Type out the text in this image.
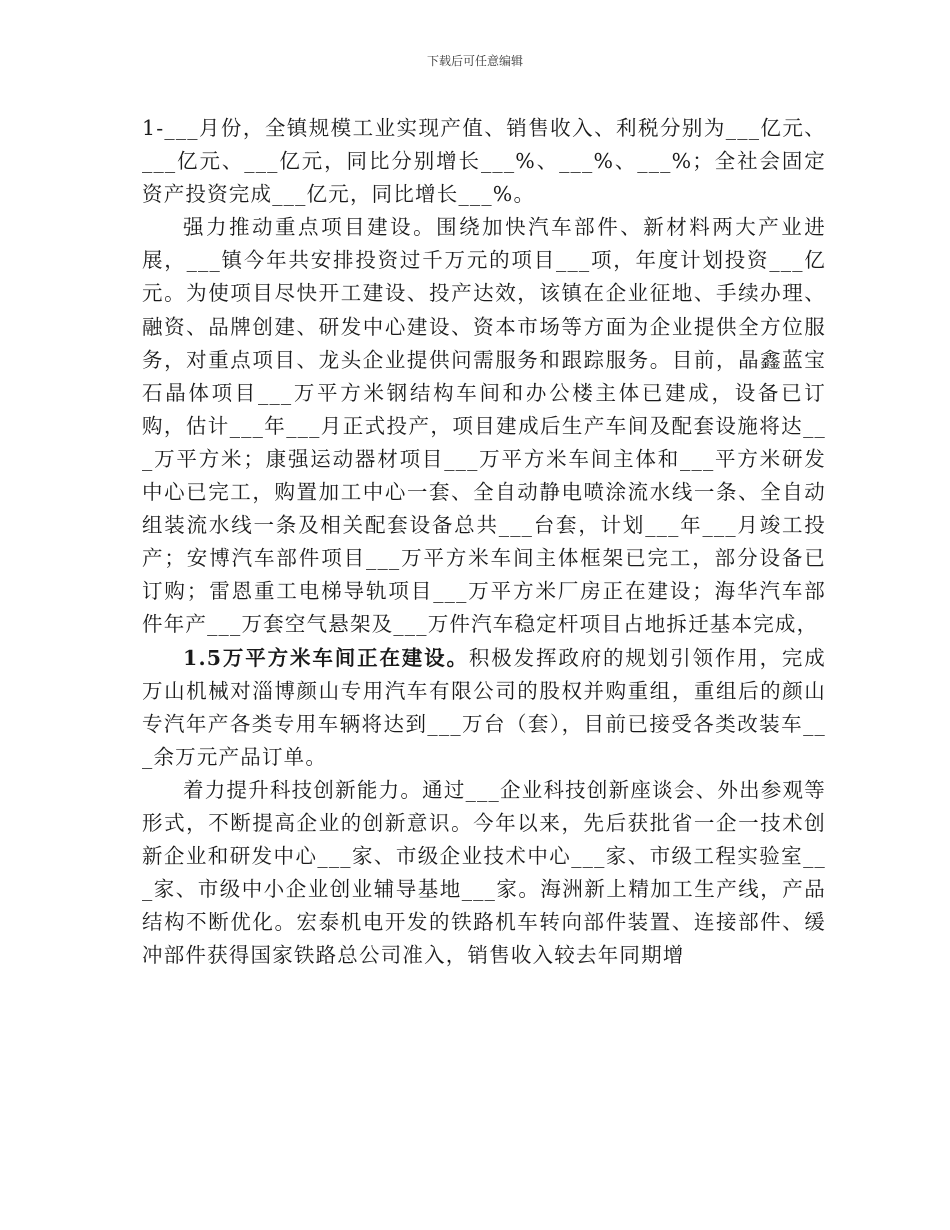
下载后可任意编辑

1-___月份，全镇规模工业实现产值、销售收入、利税分别为___亿元、___亿元、___亿元，同比分别增长___%、___%、___%；全社会固定资产投资完成___亿元，同比增长___%。

强力推动重点项目建设。围绕加快汽车部件、新材料两大产业进展，___镇今年共安排投资过千万元的项目___项，年度计划投资___亿元。为使项目尽快开工建设、投产达效，该镇在企业征地、手续办理、融资、品牌创建、研发中心建设、资本市场等方面为企业提供全方位服务，对重点项目、龙头企业提供问需服务和跟踪服务。目前，晶鑫蓝宝石晶体项目___万平方米钢结构车间和办公楼主体已建成，设备已订购，估计___年___月正式投产，项目建成后生产车间及配套设施将达___万平方米；康强运动器材项目___万平方米车间主体和___平方米研发中心已完工，购置加工中心一套、全自动静电喷涂流水线一条、全自动组装流水线一条及相关配套设备总共___台套，计划___年___月竣工投产；安博汽车部件项目___万平方米车间主体框架已完工，部分设备已订购；雷恩重工电梯导轨项目___万平方米厂房正在建设；海华汽车部件年产___万套空气悬架及___万件汽车稳定杆项目占地拆迁基本完成，

1.5万平方米车间正在建设。积极发挥政府的规划引领作用，完成万山机械对淄博颜山专用汽车有限公司的股权并购重组，重组后的颜山专汽年产各类专用车辆将达到___万台（套），目前已接受各类改装车___余万元产品订单。

着力提升科技创新能力。通过___企业科技创新座谈会、外出参观等形式，不断提高企业的创新意识。今年以来，先后获批省一企一技术创新企业和研发中心___家、市级企业技术中心___家、市级工程实验室___家、市级中小企业创业辅导基地___家。海洲新上精加工生产线，产品结构不断优化。宏泰机电开发的铁路机车转向部件装置、连接部件、缓冲部件获得国家铁路总公司准入，销售收入较去年同期增
